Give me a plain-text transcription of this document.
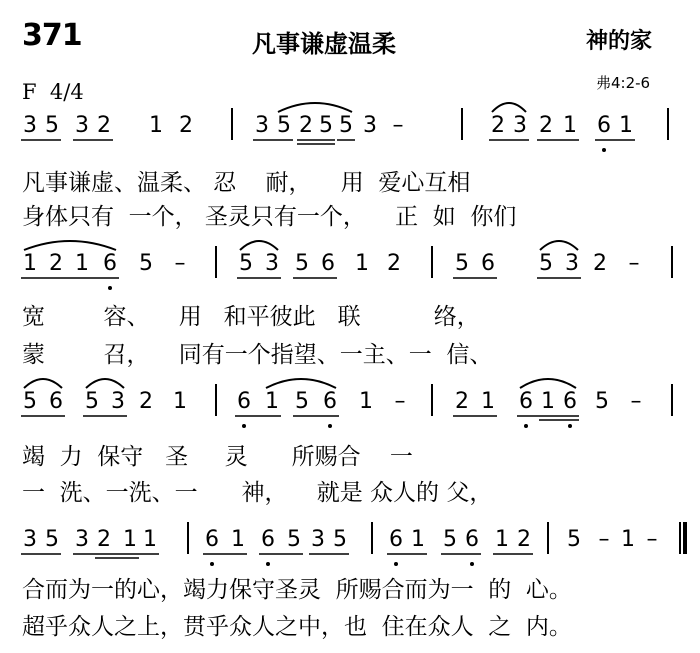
371	凡事谦虚温柔	神的家
F  4/4	弗4:2-6
3 5 3 2 1 2	3 5 2 5 5 3 –	2 3 2 1 6 1
1 2 1 6 5 – 5 3 5 6 1 2 5 6 5 3 2 –
5 6 5 3 2 1 6 1 5 6 1 – 2 1 6 1 6 5 –
3 5 3 2 1 1 6 1 6 5 3 5 6 1 5 6 1 2 5 – 1 –
凡事谦虚、温柔、 忍    耐，    用  爱心互相
身体只有  一个， 圣灵只有一个，    正  如  你们
宽        容、    用   和平彼此   联          络，
蒙        召，    同有一个指望、一主、一  信、
竭  力  保守   圣     灵      所赐合    一
一  洗、一洗、一      神，    就是 众人的 父，
合而为一的心，竭力保守圣灵  所赐合而为一  的  心。
超乎众人之上，贯乎众人之中，也  住在众人  之  内。
